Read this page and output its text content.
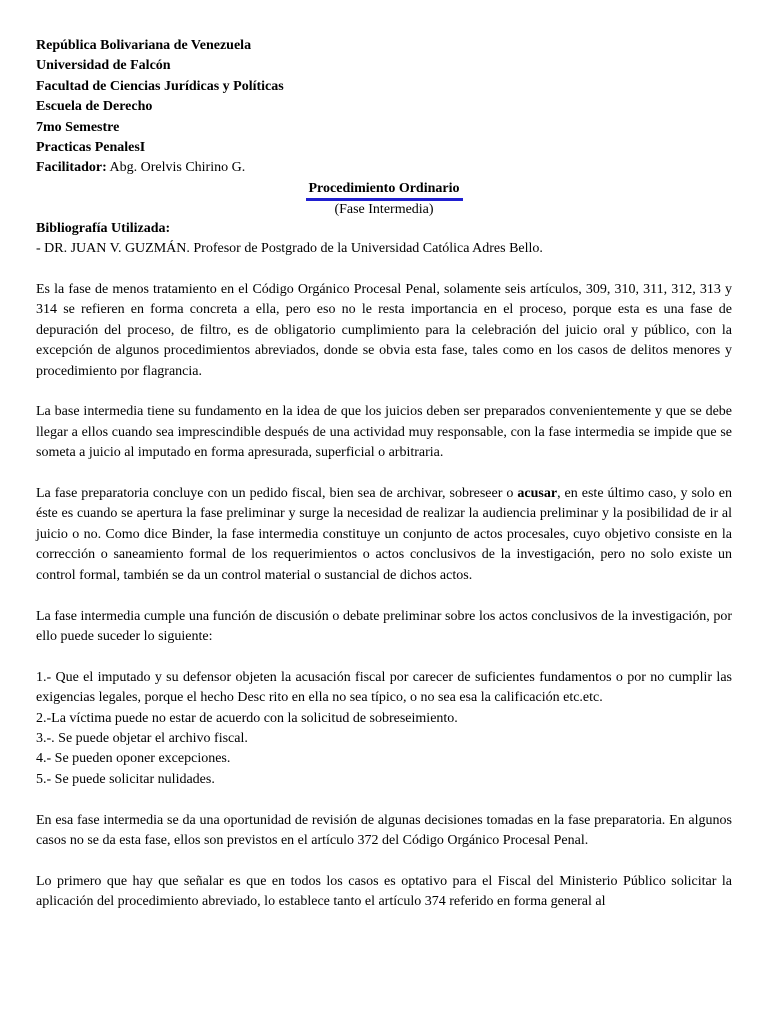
República Bolivariana de Venezuela
Universidad de Falcón
Facultad de Ciencias Jurídicas y Políticas
Escuela de Derecho
7mo Semestre
Practicas PenalesI
Facilitador: Abg. Orelvis Chirino G.
Procedimiento Ordinario
(Fase Intermedia)
Bibliografía Utilizada:
- DR. JUAN V. GUZMÁN. Profesor de Postgrado de la Universidad Católica Adres Bello.

Es la fase de menos tratamiento en el Código Orgánico Procesal Penal, solamente seis artículos, 309, 310, 311, 312, 313 y 314 se refieren en forma concreta a ella, pero eso no le resta importancia en el proceso, porque esta es una fase de depuración del proceso, de filtro, es de obligatorio cumplimiento para la celebración del juicio oral y público, con la excepción de algunos procedimientos abreviados, donde se obvia esta fase, tales como en los casos de delitos menores y procedimiento por flagrancia.

La base intermedia tiene su fundamento en la idea de que los juicios deben ser preparados convenientemente y que se debe llegar a ellos cuando sea imprescindible después de una actividad muy responsable, con la fase intermedia se impide que se someta a juicio al imputado en forma apresurada, superficial o arbitraria.

La fase preparatoria concluye con un pedido fiscal, bien sea de archivar, sobreseer o acusar, en este último caso, y solo en éste es cuando se apertura la fase preliminar y surge la necesidad de realizar la audiencia preliminar y la posibilidad de ir al juicio o no. Como dice Binder, la fase intermedia constituye un conjunto de actos procesales, cuyo objetivo consiste en la corrección o saneamiento formal de los requerimientos o actos conclusivos de la investigación, pero no solo existe un control formal, también se da un control material o sustancial de dichos actos.

La fase intermedia cumple una función de discusión o debate preliminar sobre los actos conclusivos de la investigación, por ello puede suceder lo siguiente:

1.- Que el imputado y su defensor objeten la acusación fiscal por carecer de suficientes fundamentos o por no cumplir las exigencias legales, porque el hecho Desc rito en ella no sea típico, o no sea esa la calificación etc.etc.
2.-La víctima puede no estar de acuerdo con la solicitud de sobreseimiento.
3.-. Se puede objetar el archivo fiscal.
4.- Se pueden oponer excepciones.
5.- Se puede solicitar nulidades.

En esa fase intermedia se da una oportunidad de revisión de algunas decisiones tomadas en la fase preparatoria. En algunos casos no se da esta fase, ellos son previstos en el artículo 372 del Código Orgánico Procesal Penal.

Lo primero que hay que señalar es que en todos los casos es optativo para el Fiscal del Ministerio Público solicitar la aplicación del procedimiento abreviado, lo establece tanto el artículo 374 referido en forma general al
